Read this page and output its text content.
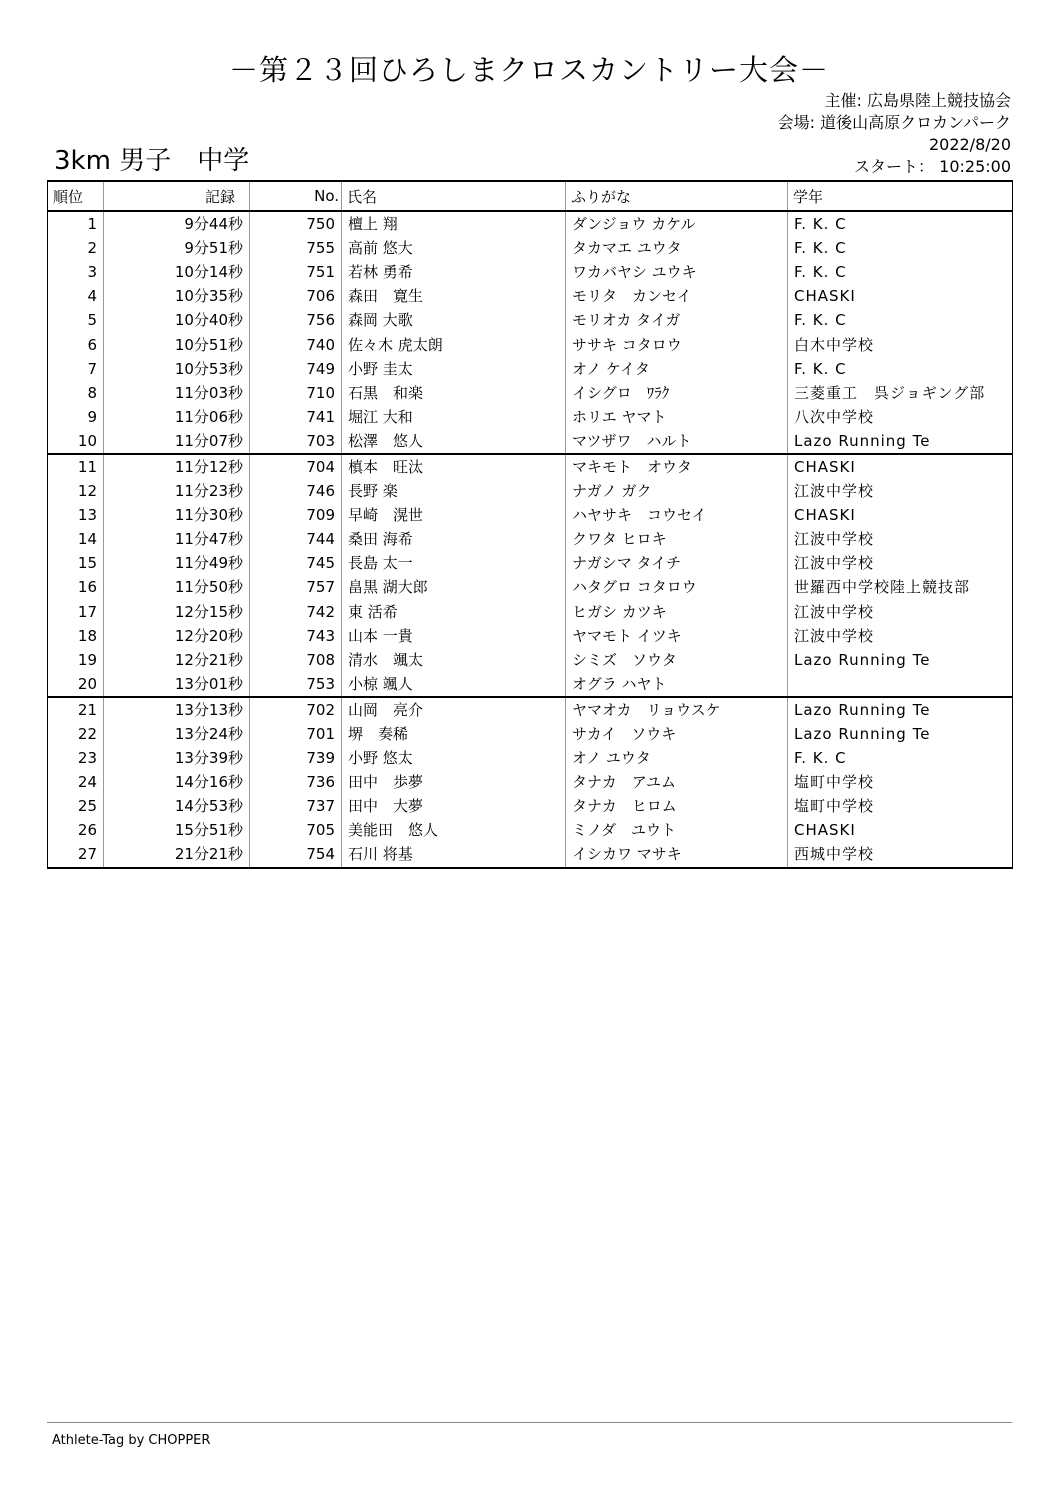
－第２３回ひろしまクロスカントリー大会－
主催: 広島県陸上競技協会
会場: 道後山高原クロカンパーク
2022/8/20
スタート： 10:25:00
3km 男子　中学
順位	記録	No.	氏名	ふりがな	学年
1	9分44秒	750	檀上 翔	ダンジョウ カケル	F. K. C
2	9分51秒	755	高前 悠大	タカマエ ユウタ	F. K. C
3	10分14秒	751	若林 勇希	ワカバヤシ ユウキ	F. K. C
4	10分35秒	706	森田　寛生	モリタ　カンセイ	CHASKI
5	10分40秒	756	森岡 大歌	モリオカ タイガ	F. K. C
6	10分51秒	740	佐々木 虎太朗	ササキ コタロウ	白木中学校
7	10分53秒	749	小野 圭太	オノ ケイタ	F. K. C
8	11分03秒	710	石黒　和楽	イシグロ　ﾜﾗｸ	三菱重工　呉ジョギング部
9	11分06秒	741	堀江 大和	ホリエ ヤマト	八次中学校
10	11分07秒	703	松澤　悠人	マツザワ　ハルト	Lazo Running Te
11	11分12秒	704	槙本　旺汰	マキモト　オウタ	CHASKI
12	11分23秒	746	長野 楽	ナガノ ガク	江波中学校
13	11分30秒	709	早崎　滉世	ハヤサキ　コウセイ	CHASKI
14	11分47秒	744	桑田 海希	クワタ ヒロキ	江波中学校
15	11分49秒	745	長島 太一	ナガシマ タイチ	江波中学校
16	11分50秒	757	畠黒 湖大郎	ハタグロ コタロウ	世羅西中学校陸上競技部
17	12分15秒	742	東 活希	ヒガシ カツキ	江波中学校
18	12分20秒	743	山本 一貴	ヤマモト イツキ	江波中学校
19	12分21秒	708	清水　颯太	シミズ　ソウタ	Lazo Running Te
20	13分01秒	753	小椋 颯人	オグラ ハヤト	
21	13分13秒	702	山岡　亮介	ヤマオカ　リョウスケ	Lazo Running Te
22	13分24秒	701	堺　奏稀	サカイ　ソウキ	Lazo Running Te
23	13分39秒	739	小野 悠太	オノ ユウタ	F. K. C
24	14分16秒	736	田中　歩夢	タナカ　アユム	塩町中学校
25	14分53秒	737	田中　大夢	タナカ　ヒロム	塩町中学校
26	15分51秒	705	美能田　悠人	ミノダ　ユウト	CHASKI
27	21分21秒	754	石川 将基	イシカワ マサキ	西城中学校
Athlete-Tag by CHOPPER
